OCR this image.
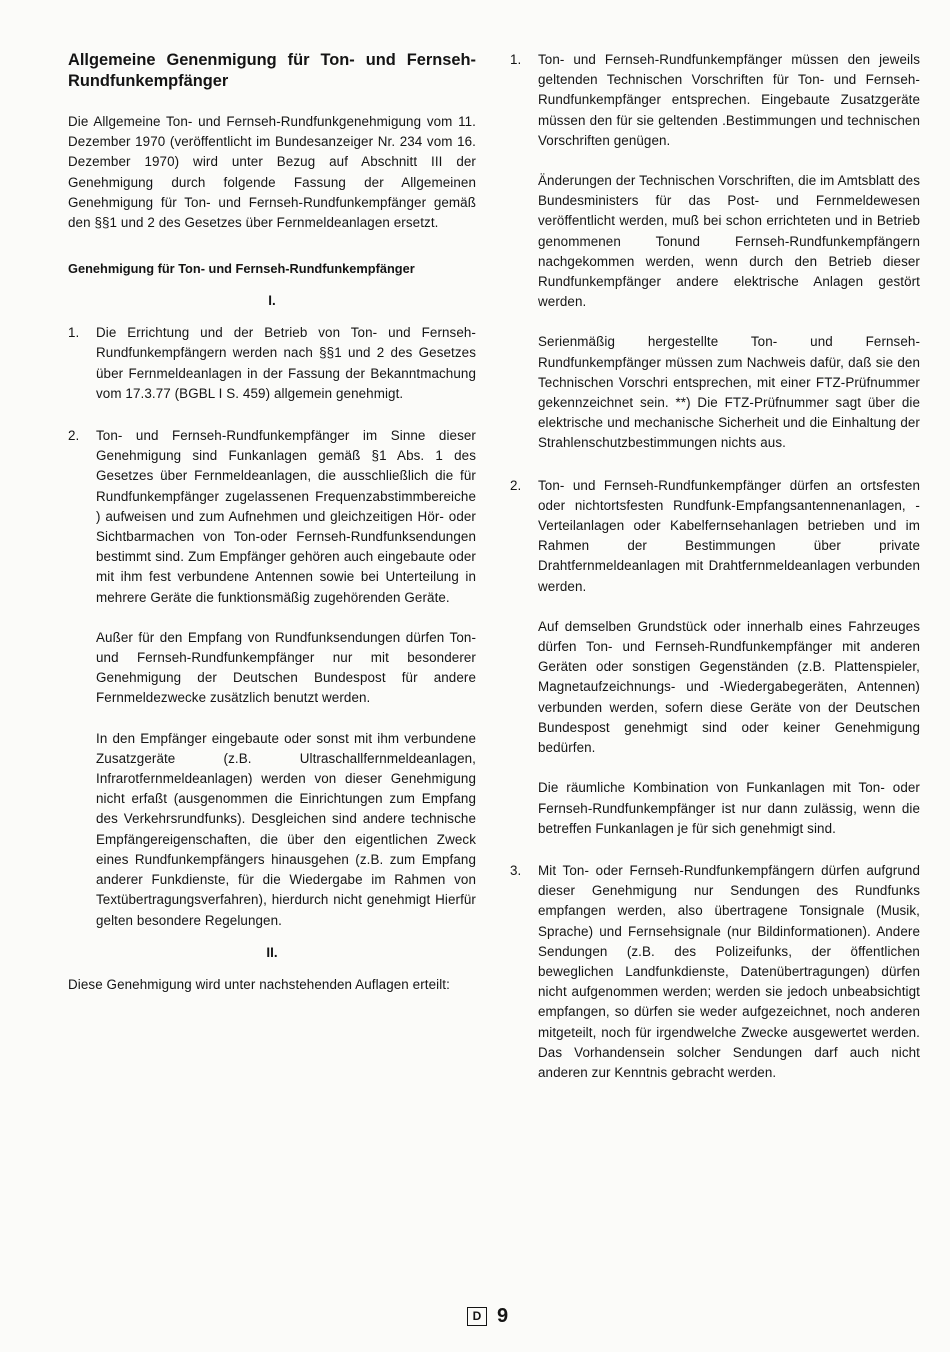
Allgemeine Genenmigung für Ton- und Fernseh-Rundfunkempfänger

Die Allgemeine Ton- und Fernseh-Rundfunkgenehmigung vom 11. Dezember 1970 (veröffentlicht im Bundesanzeiger Nr. 234 vom 16. Dezember 1970) wird unter Bezug auf Abschnitt III der Genehmigung durch folgende Fassung der Allgemeinen Genehmigung für Ton- und Fernseh-Rundfunkempfänger gemäß den §§1 und 2 des Gesetzes über Fernmeldeanlagen ersetzt.

Genehmigung für Ton- und Fernseh-Rundfunkempfänger
I.
1.	Die Errichtung und der Betrieb von Ton- und Fernseh-Rundfunkempfängern werden nach §§1 und 2 des Gesetzes über Fernmeldeanlagen in der Fassung der Bekanntmachung vom 17.3.77 (BGBL I S. 459) allgemein genehmigt.

2.	Ton- und Fernseh-Rundfunkempfänger im Sinne dieser Genehmigung sind Funkanlagen gemäß §1 Abs. 1 des Gesetzes über Fernmeldeanlagen, die ausschließlich die für Rundfunkempfänger zugelassenen Frequenzabstimmbereiche ) aufweisen und zum Aufnehmen und gleichzeitigen Hör- oder Sichtbarmachen von Ton-oder Fernseh-Rundfunksendungen bestimmt sind. Zum Empfänger gehören auch eingebaute oder mit ihm fest verbundene Antennen sowie bei Unterteilung in mehrere Geräte die funktionsmäßig zugehörenden Geräte.

Außer für den Empfang von Rundfunksendungen dürfen Ton- und Fernseh-Rundfunkempfänger nur mit besonderer Genehmigung der Deutschen Bundespost für andere Fernmeldezwecke zusätzlich benutzt werden.

In den Empfänger eingebaute oder sonst mit ihm verbundene Zusatzgeräte (z.B. Ultraschallfernmeldeanlagen, Infrarotfernmeldeanlagen) werden von dieser Genehmigung nicht erfaßt (ausgenommen die Einrichtungen zum Empfang des Verkehrsrundfunks). Desgleichen sind andere technische Empfängereigenschaften, die über den eigentlichen Zweck eines Rundfunkempfängers hinausgehen (z.B. zum Empfang anderer Funkdienste, für die Wiedergabe im Rahmen von Textübertragungsverfahren), hierdurch nicht genehmigt Hierfür gelten besondere Regelungen.

II.

Diese Genehmigung wird unter nachstehenden Auflagen erteilt:

1.	Ton- und Fernseh-Rundfunkempfänger müssen den jeweils geltenden Technischen Vorschriften für Ton- und Fernseh-Rundfunkempfänger entsprechen. Eingebaute Zusatzgeräte müssen den für sie geltenden .Bestimmungen und technischen Vorschriften genügen.

Änderungen der Technischen Vorschriften, die im Amtsblatt des Bundesministers für das Post- und Fernmeldewesen veröffentlicht werden, muß bei schon errichteten und in Betrieb genommenen Tonund Fernseh-Rundfunkempfängern nachgekommen werden, wenn durch den Betrieb dieser Rundfunkempfänger andere elektrische Anlagen gestört werden.

Serienmäßig hergestellte Ton- und Fernseh-Rundfunkempfänger müssen zum Nachweis dafür, daß sie den Technischen Vorschri entsprechen, mit einer FTZ-Prüfnummer gekennzeichnet sein. **) Die FTZ-Prüfnummer sagt über die elektrische und mechanische Sicherheit und die Einhaltung der Strahlenschutzbestimmungen nichts aus.

2.	Ton- und Fernseh-Rundfunkempfänger dürfen an ortsfesten oder nichtortsfesten Rundfunk-Empfangsantennenanlagen, -Verteilanlagen oder Kabelfernsehanlagen betrieben und im Rahmen der Bestimmungen über private Drahtfernmeldeanlagen mit Drahtfernmeldeanlagen verbunden werden.

Auf demselben Grundstück oder innerhalb eines Fahrzeuges dürfen Ton- und Fernseh-Rundfunkempfänger mit anderen Geräten oder sonstigen Gegenständen (z.B. Plattenspieler, Magnetaufzeichnungs- und -Wiedergabegeräten, Antennen) verbunden werden, sofern diese Geräte von der Deutschen Bundespost genehmigt sind oder keiner Genehmigung bedürfen.

Die räumliche Kombination von Funkanlagen mit Ton- oder Fernseh-Rundfunkempfänger ist nur dann zulässig, wenn die betreffen Funkanlagen je für sich genehmigt sind.

3.	Mit Ton- oder Fernseh-Rundfunkempfängern dürfen aufgrund dieser Genehmigung nur Sendungen des Rundfunks empfangen werden, also übertragene Tonsignale (Musik, Sprache) und Fernsehsignale (nur Bildinformationen). Andere Sendungen (z.B. des Polizeifunks, der öffentlichen beweglichen Landfunkdienste, Datenübertragungen) dürfen nicht aufgenommen werden; werden sie jedoch unbeabsichtigt empfangen, so dürfen sie weder aufgezeichnet, noch anderen mitgeteilt, noch für irgendwelche Zwecke ausgewertet werden. Das Vorhandensein solcher Sendungen darf auch nicht anderen zur Kenntnis gebracht werden.

D 9
